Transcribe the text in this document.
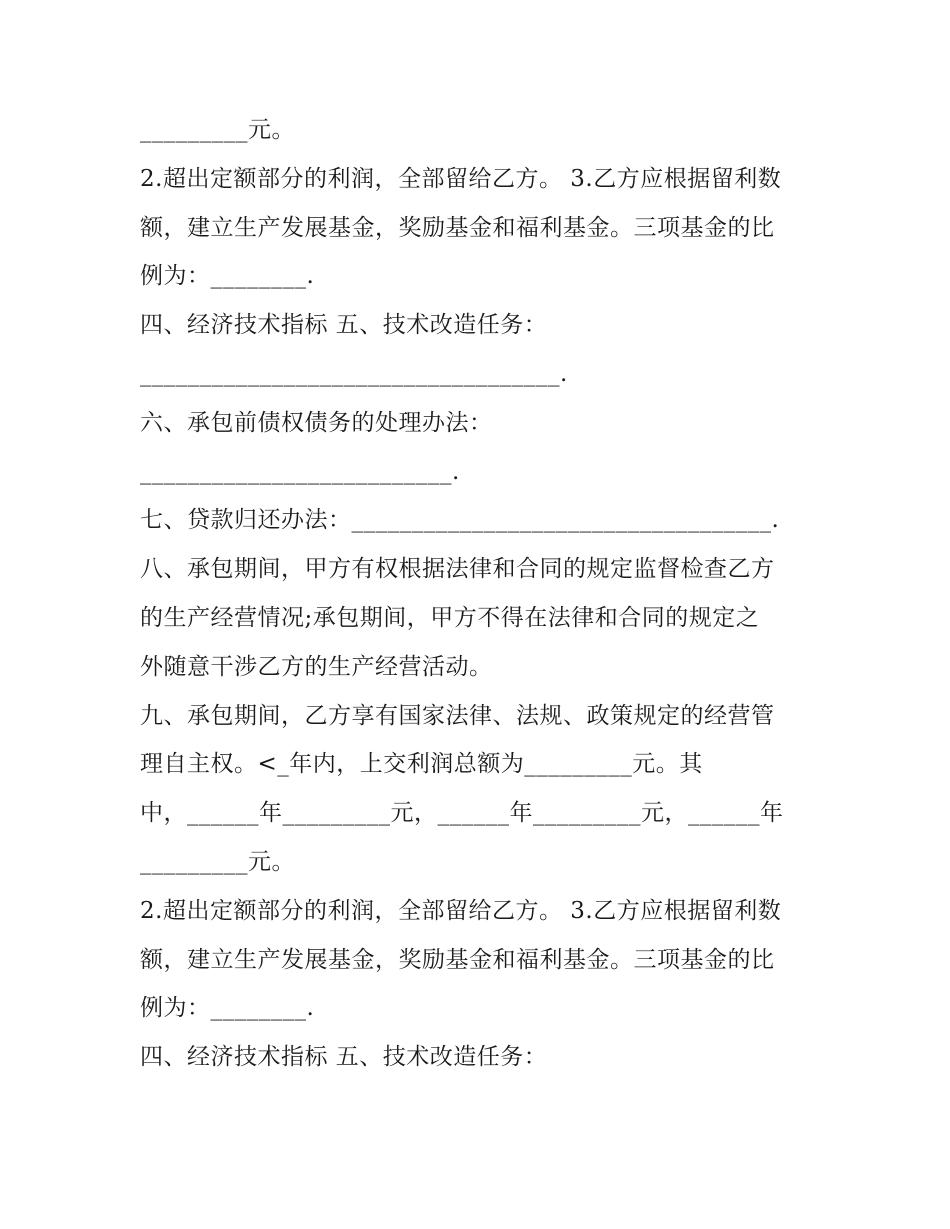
_________元。
2.超出定额部分的利润，全部留给乙方。 3.乙方应根据留利数
额，建立生产发展基金，奖励基金和福利基金。三项基金的比
例为：________.
四、经济技术指标 五、技术改造任务：
___________________________________.
六、承包前债权债务的处理办法：
__________________________.
七、贷款归还办法：___________________________________.
八、承包期间，甲方有权根据法律和合同的规定监督检查乙方
的生产经营情况;承包期间，甲方不得在法律和合同的规定之
外随意干涉乙方的生产经营活动。
九、承包期间，乙方享有国家法律、法规、政策规定的经营管
理自主权。<_年内，上交利润总额为_________元。其
中，______年_________元，______年_________元，______年
_________元。
2.超出定额部分的利润，全部留给乙方。 3.乙方应根据留利数
额，建立生产发展基金，奖励基金和福利基金。三项基金的比
例为：________.
四、经济技术指标 五、技术改造任务：
